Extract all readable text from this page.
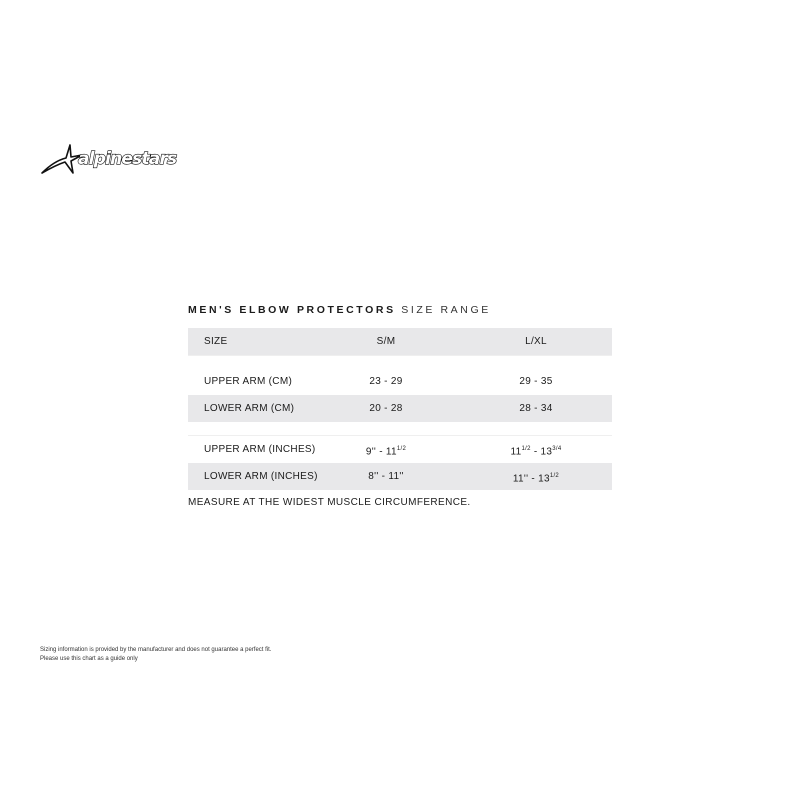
alpinestars
MEN'S ELBOW PROTECTORS SIZE RANGE
SIZE	S/M	L/XL
UPPER ARM (CM)	23 - 29	29 - 35
LOWER ARM (CM)	20 - 28	28 - 34
UPPER ARM (INCHES)	$9'' - 11^{1/2}$	$11^{1/2} - 13^{3/4}$
LOWER ARM (INCHES)	8'' - 11''	$11'' - 13^{1/2}$
MEASURE AT THE WIDEST MUSCLE CIRCUMFERENCE.
Sizing information is provided by the manufacturer and does not guarantee a perfect fit.
Please use this chart as a guide only
